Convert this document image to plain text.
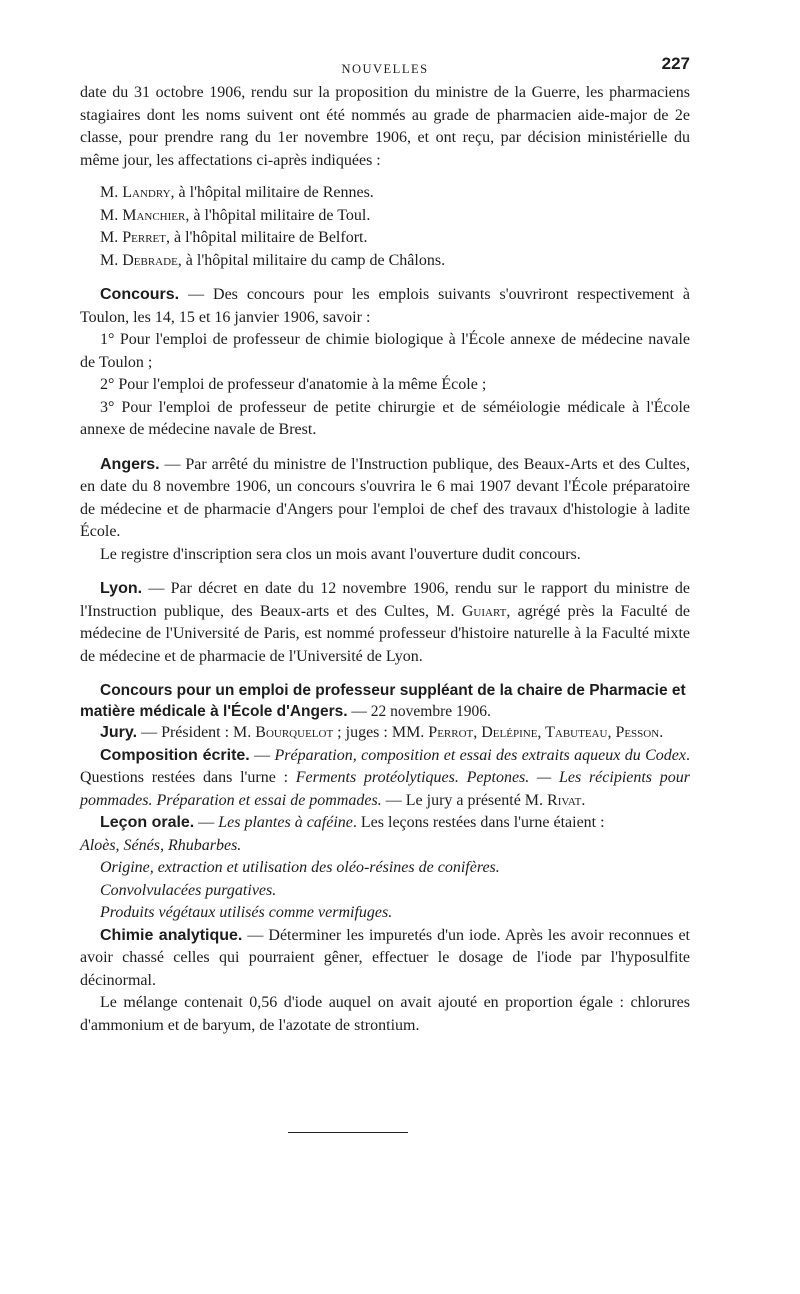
NOUVELLES	227

date du 31 octobre 1906, rendu sur la proposition du ministre de la Guerre, les pharmaciens stagiaires dont les noms suivent ont été nommés au grade de pharmacien aide-major de 2e classe, pour prendre rang du 1er novembre 1906, et ont reçu, par décision ministérielle du même jour, les affectations ci-après indiquées :

M. Landry, à l'hôpital militaire de Rennes.

M. Manchier, à l'hôpital militaire de Toul.

M. Perret, à l'hôpital militaire de Belfort.

M. Debrade, à l'hôpital militaire du camp de Châlons.

Concours. — Des concours pour les emplois suivants s'ouvriront respectivement à Toulon, les 14, 15 et 16 janvier 1906, savoir :

1° Pour l'emploi de professeur de chimie biologique à l'École annexe de médecine navale de Toulon ;

2° Pour l'emploi de professeur d'anatomie à la même École ;

3° Pour l'emploi de professeur de petite chirurgie et de séméiologie médicale à l'École annexe de médecine navale de Brest.

Angers. — Par arrêté du ministre de l'Instruction publique, des Beaux-Arts et des Cultes, en date du 8 novembre 1906, un concours s'ouvrira le 6 mai 1907 devant l'École préparatoire de médecine et de pharmacie d'Angers pour l'emploi de chef des travaux d'histologie à ladite École.

Le registre d'inscription sera clos un mois avant l'ouverture dudit concours.

Lyon. — Par décret en date du 12 novembre 1906, rendu sur le rapport du ministre de l'Instruction publique, des Beaux-arts et des Cultes, M. Guiart, agrégé près la Faculté de médecine de l'Université de Paris, est nommé professeur d'histoire naturelle à la Faculté mixte de médecine et de pharmacie de l'Université de Lyon.

Concours pour un emploi de professeur suppléant de la chaire de Pharmacie et matière médicale à l'École d'Angers. — 22 novembre 1906.

Jury. — Président : M. Bourquelot ; juges : MM. Perrot, Delépine, Tabuteau, Pesson.

Composition écrite. — Préparation, composition et essai des extraits aqueux du Codex. Questions restées dans l'urne : Ferments protéolytiques. Peptones. — Les récipients pour pommades. Préparation et essai de pommades. — Le jury a présenté M. Rivat.

Leçon orale. — Les plantes à caféine. Les leçons restées dans l'urne étaient :

Aloès, Sénés, Rhubarbes.

Origine, extraction et utilisation des oléo-résines de conifères.

Convolvulacées purgatives.

Produits végétaux utilisés comme vermifuges.

Chimie analytique. — Déterminer les impuretés d'un iode. Après les avoir reconnues et avoir chassé celles qui pourraient gêner, effectuer le dosage de l'iode par l'hyposulfite décinormal.

Le mélange contenait 0,56 d'iode auquel on avait ajouté en proportion égale : chlorures d'ammonium et de baryum, de l'azotate de strontium.
